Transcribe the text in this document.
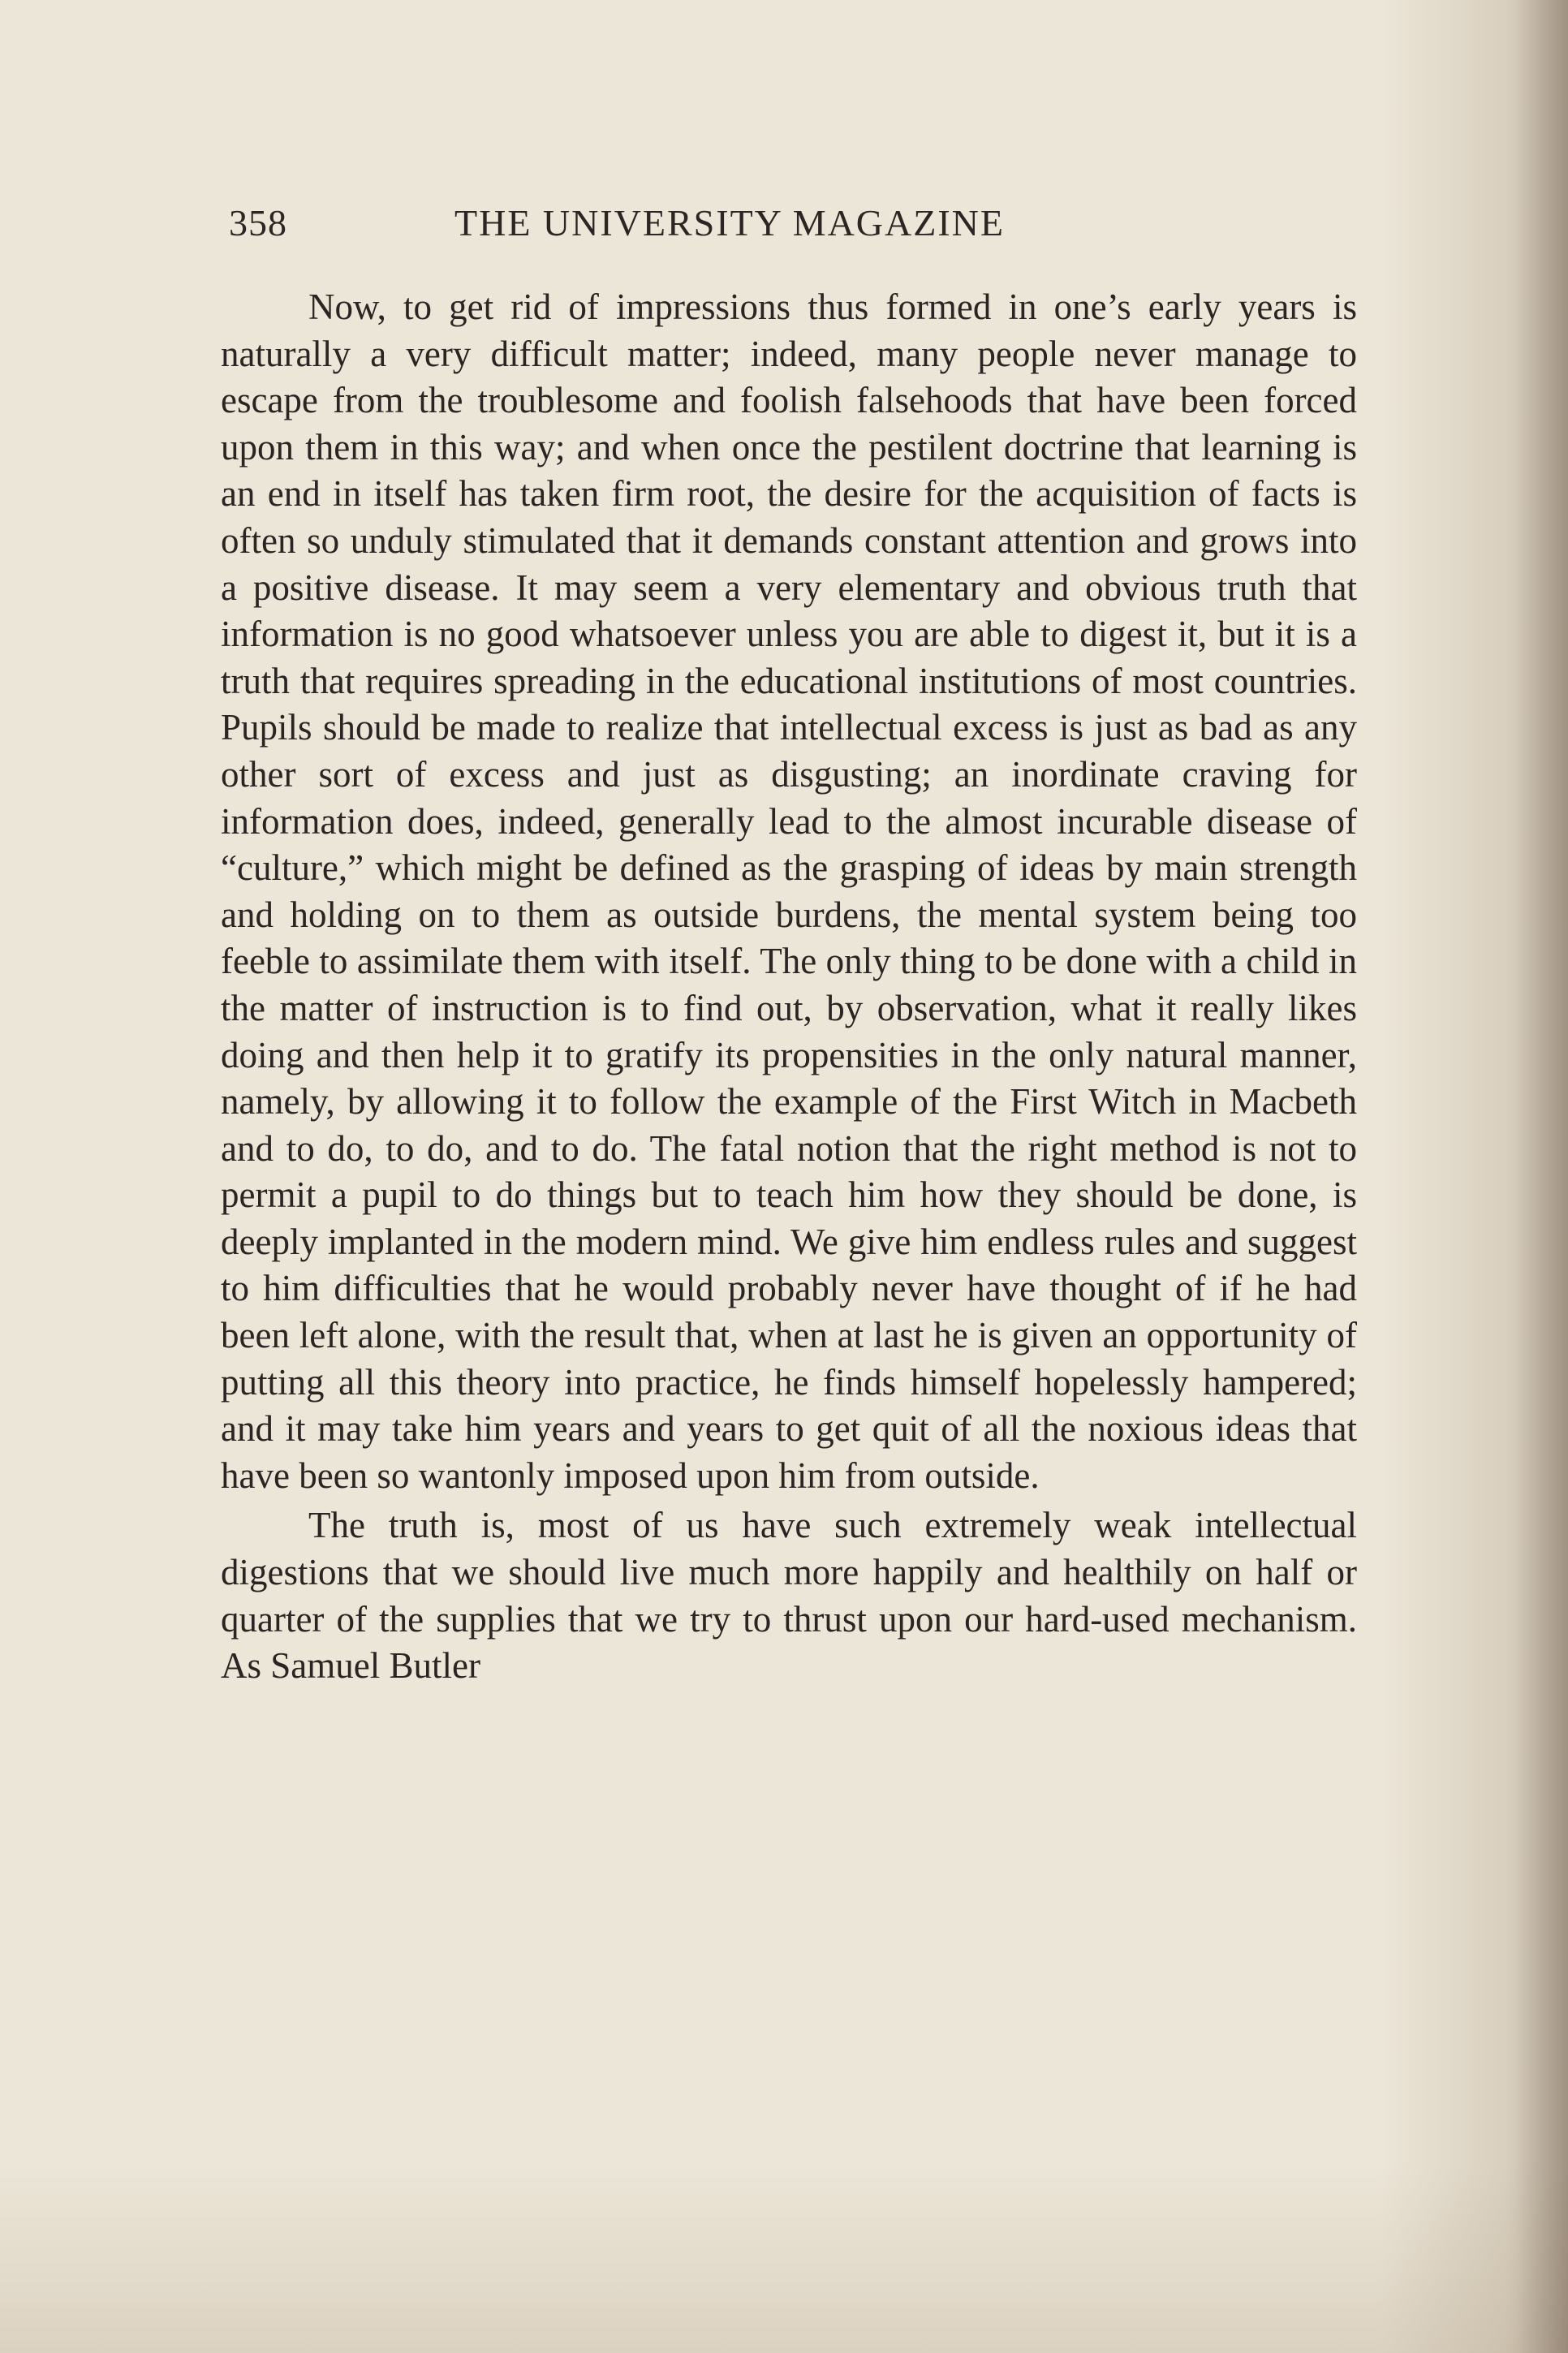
358	THE UNIVERSITY MAGAZINE

Now, to get rid of impressions thus formed in one’s early years is naturally a very difficult matter; indeed, many people never manage to escape from the troublesome and foolish falsehoods that have been forced upon them in this way; and when once the pestilent doctrine that learning is an end in itself has taken firm root, the desire for the acquisition of facts is often so unduly stimulated that it demands constant attention and grows into a positive disease. It may seem a very elementary and obvious truth that information is no good whatsoever unless you are able to digest it, but it is a truth that requires spreading in the educational institutions of most countries. Pupils should be made to realize that intellectual excess is just as bad as any other sort of excess and just as disgusting; an inordinate craving for information does, indeed, generally lead to the almost incurable disease of “culture,” which might be defined as the grasping of ideas by main strength and holding on to them as outside burdens, the mental system being too feeble to assimilate them with itself. The only thing to be done with a child in the matter of instruction is to find out, by observation, what it really likes doing and then help it to gratify its propensities in the only natural manner, namely, by allowing it to follow the example of the First Witch in Macbeth and to do, to do, and to do. The fatal notion that the right method is not to permit a pupil to do things but to teach him how they should be done, is deeply implanted in the modern mind. We give him endless rules and suggest to him difficulties that he would probably never have thought of if he had been left alone, with the result that, when at last he is given an opportunity of putting all this theory into practice, he finds himself hopelessly hampered; and it may take him years and years to get quit of all the noxious ideas that have been so wantonly imposed upon him from outside.

The truth is, most of us have such extremely weak intellectual digestions that we should live much more happily and healthily on half or quarter of the supplies that we try to thrust upon our hard-used mechanism. As Samuel Butler
